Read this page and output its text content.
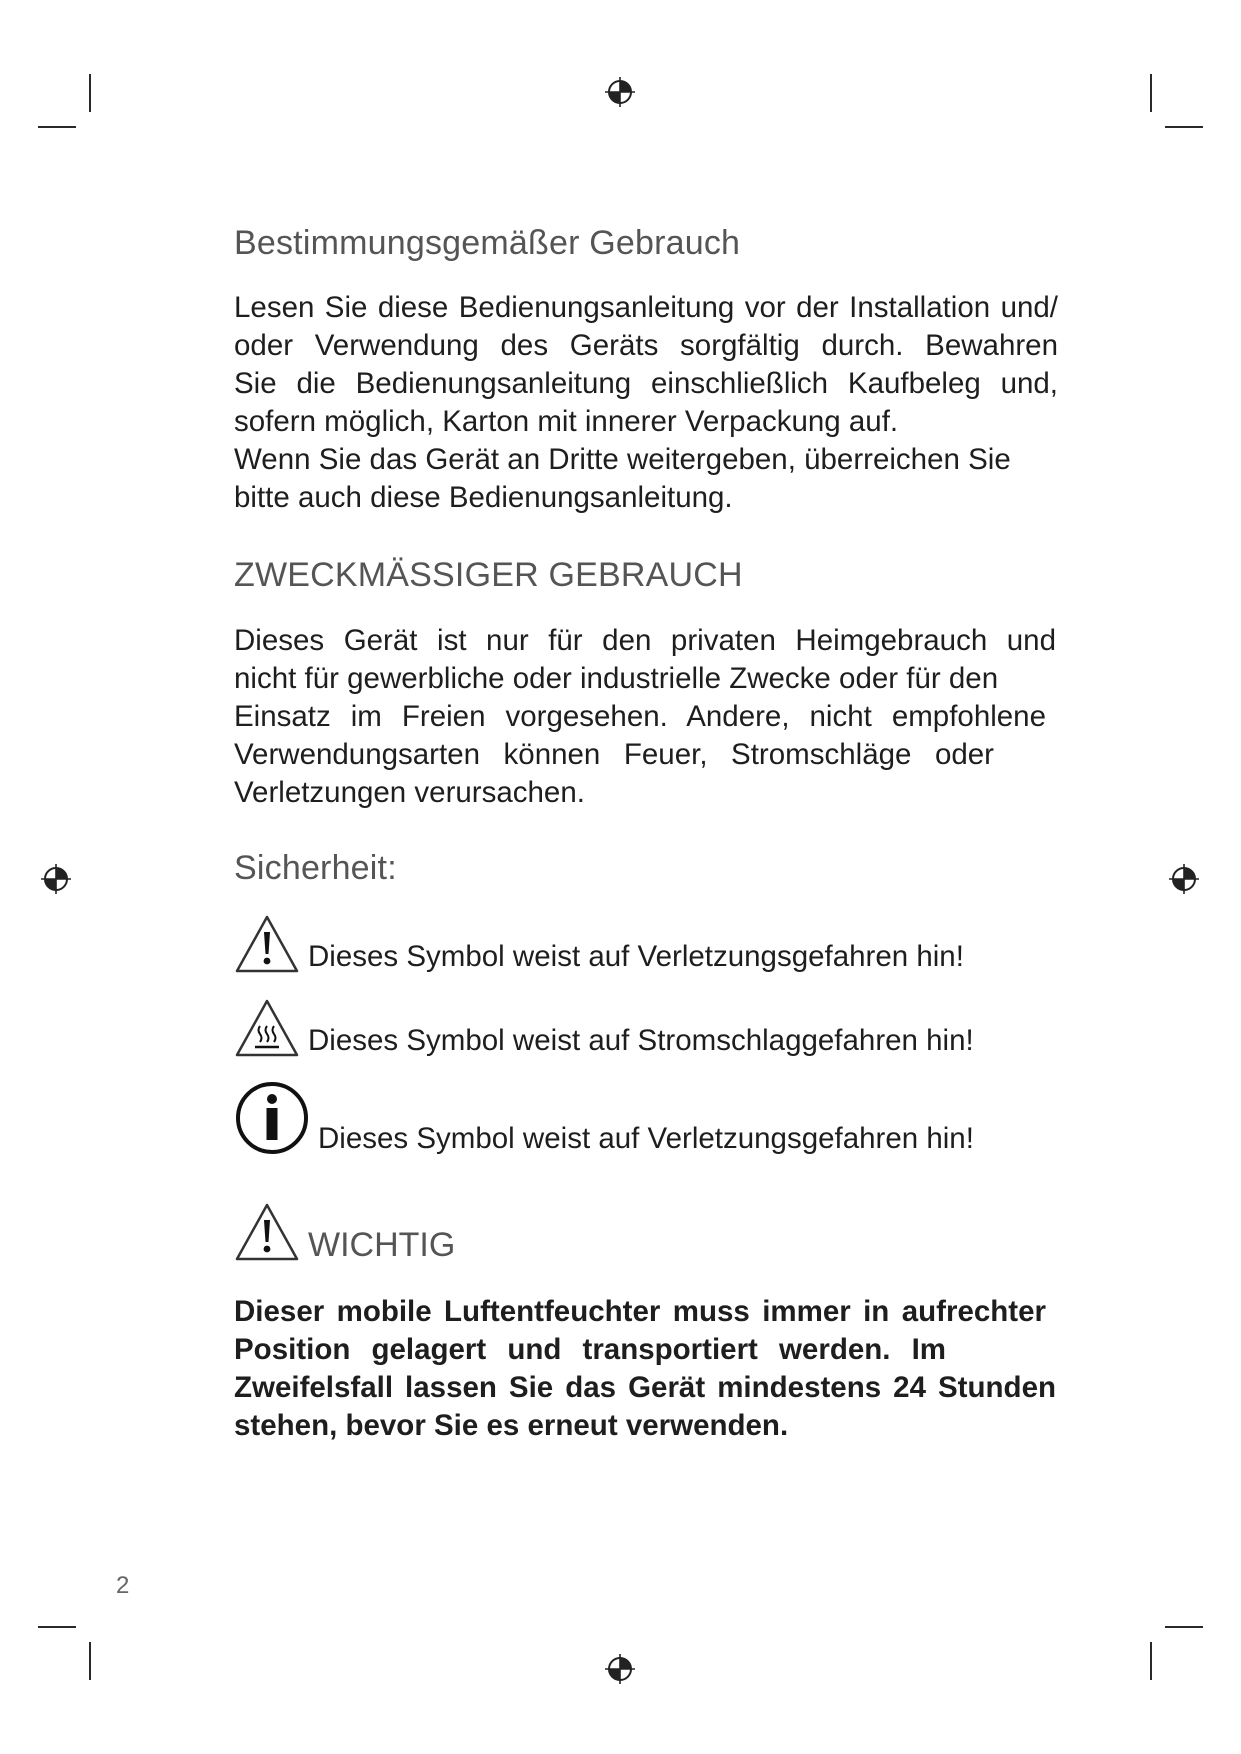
Bestimmungsgemäßer Gebrauch
Lesen Sie diese Bedienungsanleitung vor der Installation und/
oder Verwendung des Geräts sorgfältig durch. Bewahren
Sie die Bedienungsanleitung einschließlich Kaufbeleg und,
sofern möglich, Karton mit innerer Verpackung auf.
Wenn Sie das Gerät an Dritte weitergeben, überreichen Sie
bitte auch diese Bedienungsanleitung.
ZWECKMÄSSIGER GEBRAUCH
Dieses Gerät ist nur für den privaten Heimgebrauch und
nicht für gewerbliche oder industrielle Zwecke oder für den
Einsatz im Freien vorgesehen. Andere, nicht empfohlene
Verwendungsarten können Feuer, Stromschläge oder
Verletzungen verursachen.
Sicherheit:
Dieses Symbol weist auf Verletzungsgefahren hin!
Dieses Symbol weist auf Stromschlaggefahren hin!
Dieses Symbol weist auf Verletzungsgefahren hin!
WICHTIG
Dieser mobile Luftentfeuchter muss immer in aufrechter
Position gelagert und transportiert werden. Im
Zweifelsfall lassen Sie das Gerät mindestens 24 Stunden
stehen, bevor Sie es erneut verwenden.
2
